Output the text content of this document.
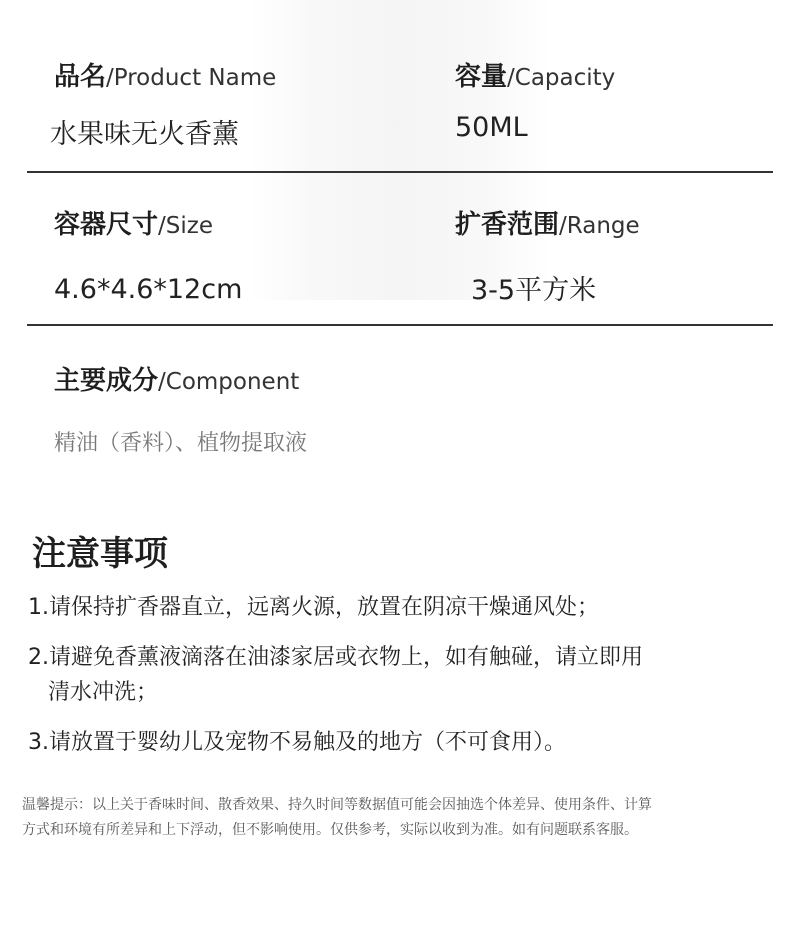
品名/Product Name
水果味无火香薰
容量/Capacity
50ML
容器尺寸/Size
4.6*4.6*12cm
扩香范围/Range
3-5平方米
主要成分/Component
精油（香料）、植物提取液
注意事项
1.请保持扩香器直立，远离火源，放置在阴凉干燥通风处；
2.请避免香薰液滴落在油漆家居或衣物上，如有触碰，请立即用
清水冲洗；
3.请放置于婴幼儿及宠物不易触及的地方（不可食用）。
温馨提示：以上关于香味时间、散香效果、持久时间等数据值可能会因抽选个体差异、使用条件、计算
方式和环境有所差异和上下浮动，但不影响使用。仅供参考，实际以收到为准。如有问题联系客服。
